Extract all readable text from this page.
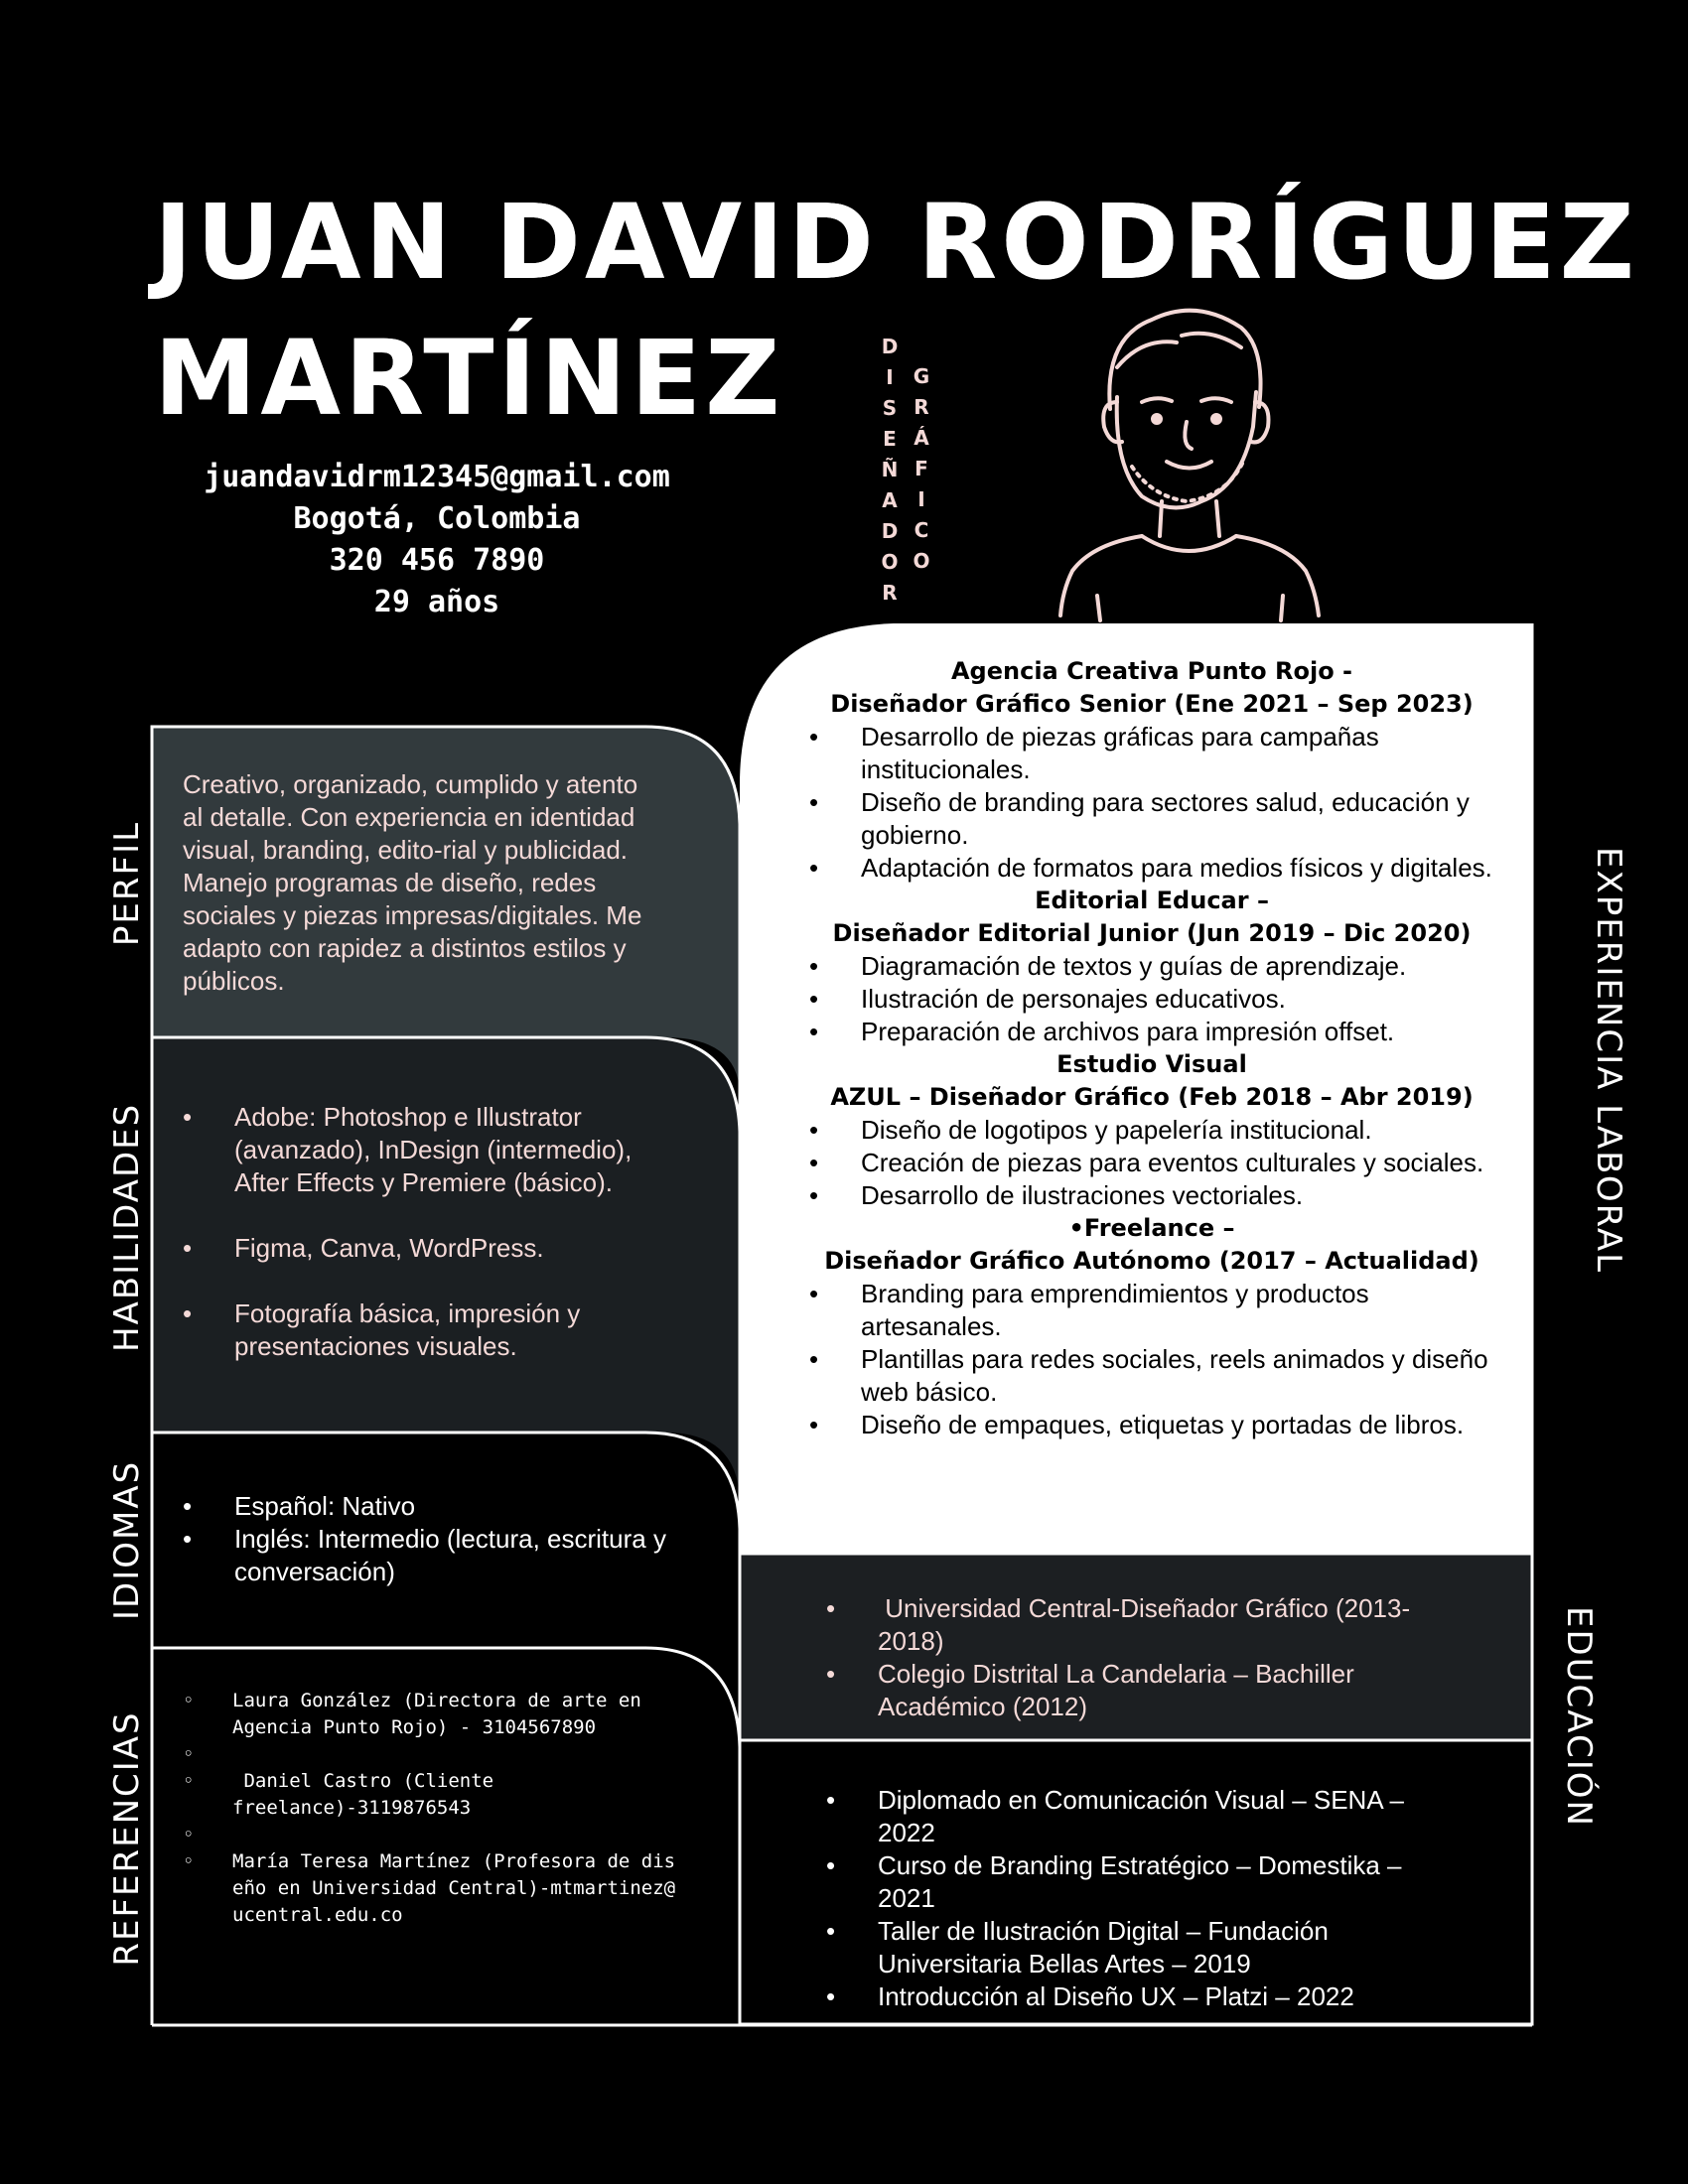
JUAN DAVID RODRÍGUEZ
MARTÍNEZ
juandavidrm12345@gmail.com
Bogotá, Colombia
320 456 7890
29 años
D
I
S
E
Ñ
A
D
O
R
G
R
Á
F
I
C
O
PERFIL
HABILIDADES
IDIOMAS
REFERENCIAS
EXPERIENCIA LABORAL
EDUCACIÓN
Creativo, organizado, cumplido y atento al detalle. Con experiencia en identidad visual, branding, edito-rial y publicidad. Manejo programas de diseño, redes sociales y piezas impresas/digitales. Me adapto con rapidez a distintos estilos y públicos.
• Adobe: Photoshop e Illustrator (avanzado), InDesign (intermedio), After Effects y Premiere (básico).
• Figma, Canva, WordPress.
• Fotografía básica, impresión y presentaciones visuales.
• Español: Nativo
• Inglés: Intermedio (lectura, escritura y conversación)
◦ Laura González (Directora de arte en Agencia Punto Rojo) - 3104567890
◦
◦  Daniel Castro (Cliente freelance)-3119876543
◦
◦ María Teresa Martínez (Profesora de diseño en Universidad Central)-mtmartinez@ucentral.edu.co
Agencia Creativa Punto Rojo -
Diseñador Gráfico Senior (Ene 2021 – Sep 2023)
• Desarrollo de piezas gráficas para campañas institucionales.
• Diseño de branding para sectores salud, educación y gobierno.
• Adaptación de formatos para medios físicos y digitales.
Editorial Educar –
Diseñador Editorial Junior (Jun 2019 – Dic 2020)
• Diagramación de textos y guías de aprendizaje.
• Ilustración de personajes educativos.
• Preparación de archivos para impresión offset.
Estudio Visual
AZUL – Diseñador Gráfico (Feb 2018 – Abr 2019)
• Diseño de logotipos y papelería institucional.
• Creación de piezas para eventos culturales y sociales.
• Desarrollo de ilustraciones vectoriales.
•Freelance –
Diseñador Gráfico Autónomo (2017 – Actualidad)
• Branding para emprendimientos y productos artesanales.
• Plantillas para redes sociales, reels animados y diseño web básico.
• Diseño de empaques, etiquetas y portadas de libros.
•  Universidad Central-Diseñador Gráfico (2013-2018)
• Colegio Distrital La Candelaria – Bachiller Académico (2012)
• Diplomado en Comunicación Visual – SENA – 2022
• Curso de Branding Estratégico – Domestika – 2021
• Taller de Ilustración Digital – Fundación Universitaria Bellas Artes – 2019
• Introducción al Diseño UX – Platzi – 2022
